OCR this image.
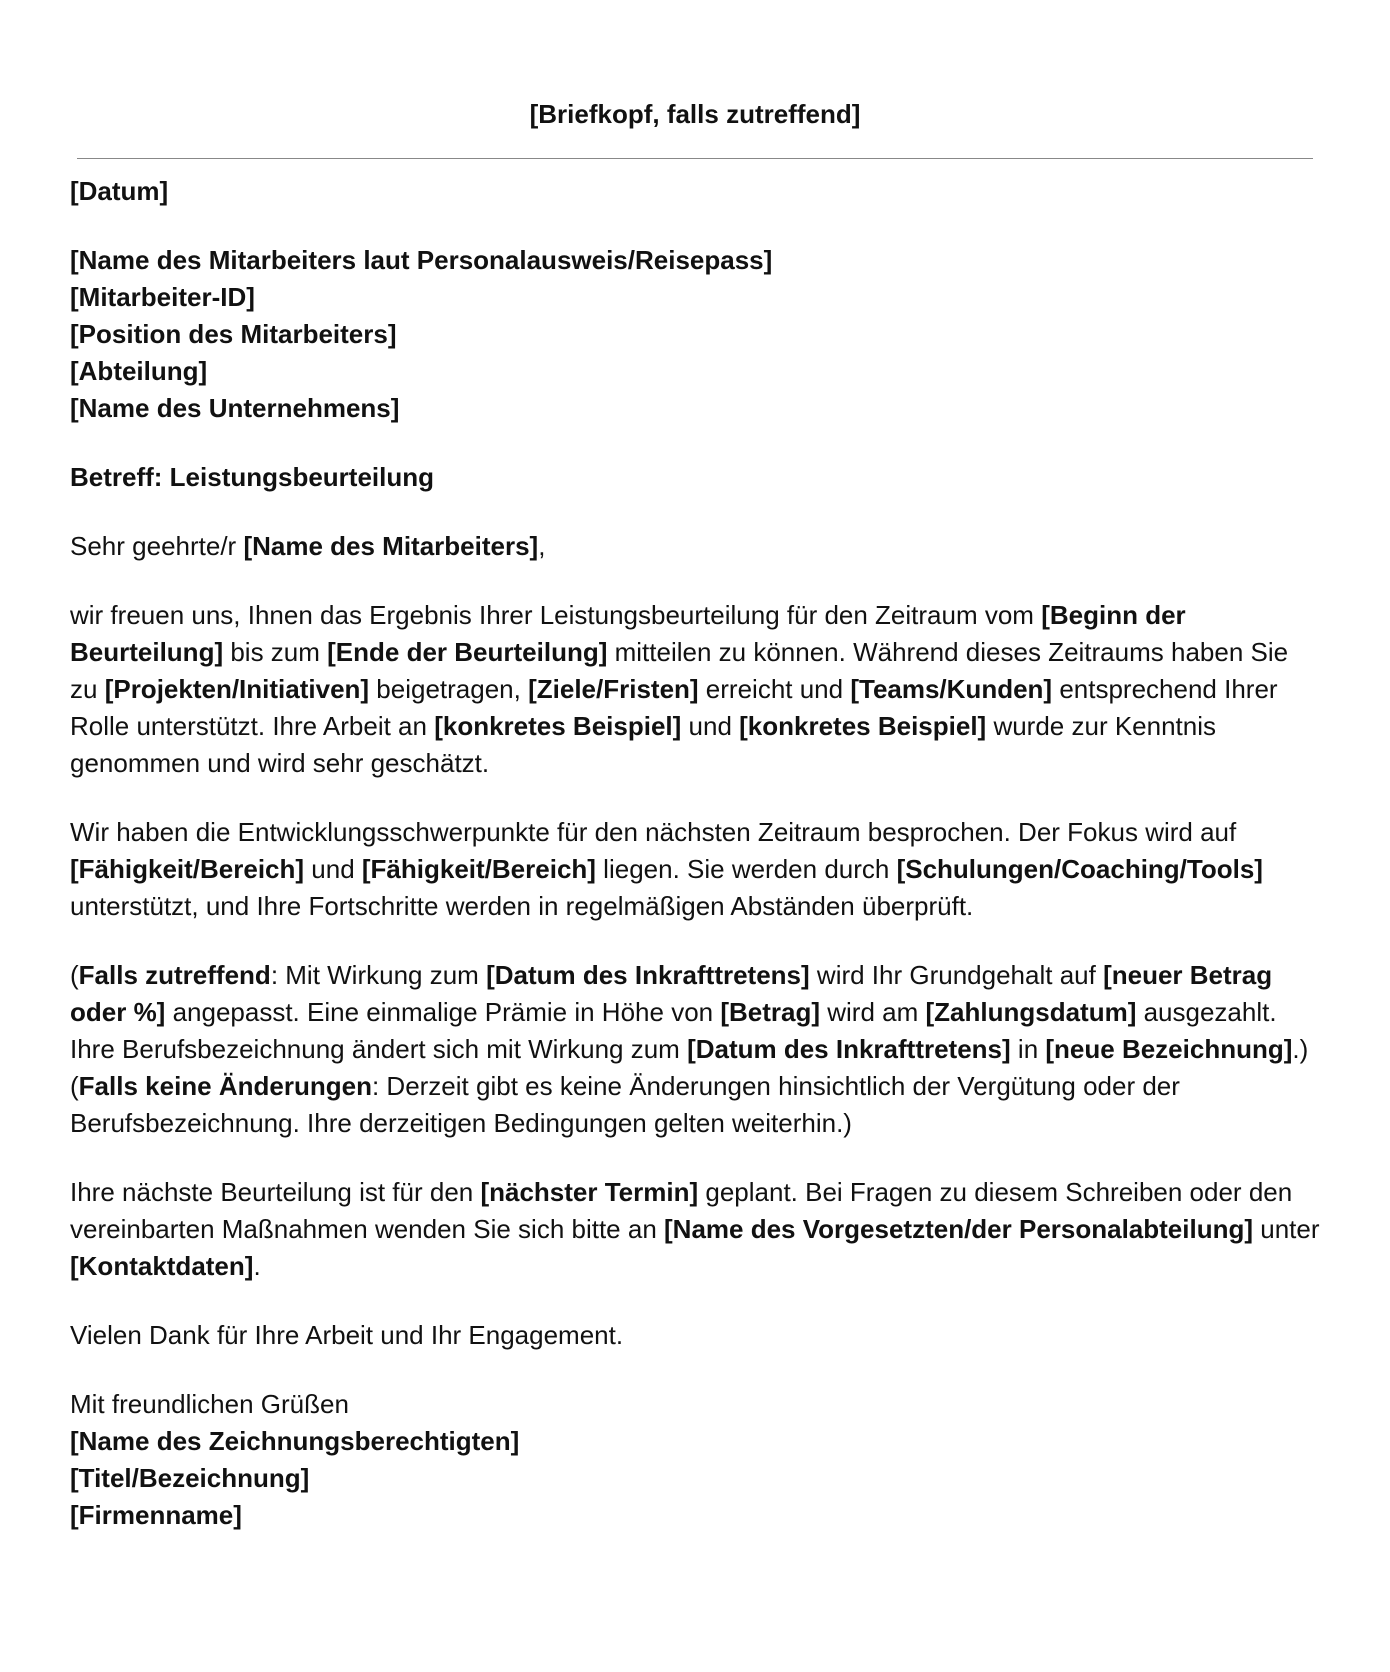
[Briefkopf, falls zutreffend]

[Datum]

[Name des Mitarbeiters laut Personalausweis/Reisepass]
[Mitarbeiter-ID]
[Position des Mitarbeiters]
[Abteilung]
[Name des Unternehmens]

Betreff: Leistungsbeurteilung

Sehr geehrte/r [Name des Mitarbeiters],

wir freuen uns, Ihnen das Ergebnis Ihrer Leistungsbeurteilung für den Zeitraum vom [Beginn der Beurteilung] bis zum [Ende der Beurteilung] mitteilen zu können. Während dieses Zeitraums haben Sie zu [Projekten/Initiativen] beigetragen, [Ziele/Fristen] erreicht und [Teams/Kunden] entsprechend Ihrer Rolle unterstützt. Ihre Arbeit an [konkretes Beispiel] und [konkretes Beispiel] wurde zur Kenntnis genommen und wird sehr geschätzt.

Wir haben die Entwicklungsschwerpunkte für den nächsten Zeitraum besprochen. Der Fokus wird auf [Fähigkeit/Bereich] und [Fähigkeit/Bereich] liegen. Sie werden durch [Schulungen/Coaching/Tools] unterstützt, und Ihre Fortschritte werden in regelmäßigen Abständen überprüft.

(Falls zutreffend: Mit Wirkung zum [Datum des Inkrafttretens] wird Ihr Grundgehalt auf [neuer Betrag oder %] angepasst. Eine einmalige Prämie in Höhe von [Betrag] wird am [Zahlungsdatum] ausgezahlt. Ihre Berufsbezeichnung ändert sich mit Wirkung zum [Datum des Inkrafttretens] in [neue Bezeichnung].)

(Falls keine Änderungen: Derzeit gibt es keine Änderungen hinsichtlich der Vergütung oder der Berufsbezeichnung. Ihre derzeitigen Bedingungen gelten weiterhin.)

Ihre nächste Beurteilung ist für den [nächster Termin] geplant. Bei Fragen zu diesem Schreiben oder den vereinbarten Maßnahmen wenden Sie sich bitte an [Name des Vorgesetzten/der Personalabteilung] unter [Kontaktdaten].

Vielen Dank für Ihre Arbeit und Ihr Engagement.

Mit freundlichen Grüßen
[Name des Zeichnungsberechtigten]
[Titel/Bezeichnung]
[Firmenname]
